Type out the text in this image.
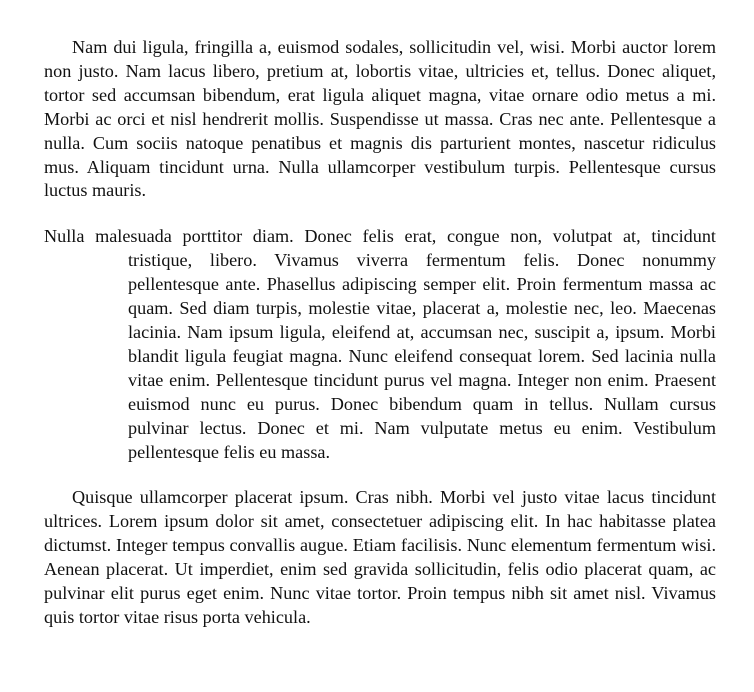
Nam dui ligula, fringilla a, euismod sodales, sollicitudin vel, wisi. Morbi auctor lorem non justo. Nam lacus libero, pretium at, lobortis vitae, ultricies et, tellus. Donec aliquet, tortor sed accumsan bibendum, erat ligula aliquet magna, vitae ornare odio metus a mi. Morbi ac orci et nisl hendrerit mollis. Suspendisse ut massa. Cras nec ante. Pellentesque a nulla. Cum sociis natoque penatibus et magnis dis parturient montes, nascetur ridiculus mus. Aliquam tincidunt urna. Nulla ullamcorper vestibulum turpis. Pellentesque cursus luctus mauris.

Nulla malesuada porttitor diam. Donec felis erat, congue non, volutpat at, tincidunt tristique, libero. Vivamus viverra fermentum felis. Donec nonummy pellentesque ante. Phasellus adipiscing semper elit. Proin fermentum massa ac quam. Sed diam turpis, molestie vitae, placerat a, molestie nec, leo. Maecenas lacinia. Nam ipsum ligula, eleifend at, accumsan nec, suscipit a, ipsum. Morbi blandit ligula feugiat magna. Nunc eleifend consequat lorem. Sed lacinia nulla vitae enim. Pellentesque tincidunt purus vel magna. Integer non enim. Praesent euismod nunc eu purus. Donec bibendum quam in tellus. Nullam cursus pulvinar lectus. Donec et mi. Nam vulputate metus eu enim. Vestibulum pellentesque felis eu massa.

Quisque ullamcorper placerat ipsum. Cras nibh. Morbi vel justo vitae lacus tincidunt ultrices. Lorem ipsum dolor sit amet, consectetuer adipiscing elit. In hac habitasse platea dictumst. Integer tempus convallis augue. Etiam facilisis. Nunc elementum fermentum wisi. Aenean placerat. Ut imperdiet, enim sed gravida sollicitudin, felis odio placerat quam, ac pulvinar elit purus eget enim. Nunc vitae tortor. Proin tempus nibh sit amet nisl. Vivamus quis tortor vitae risus porta vehicula.
